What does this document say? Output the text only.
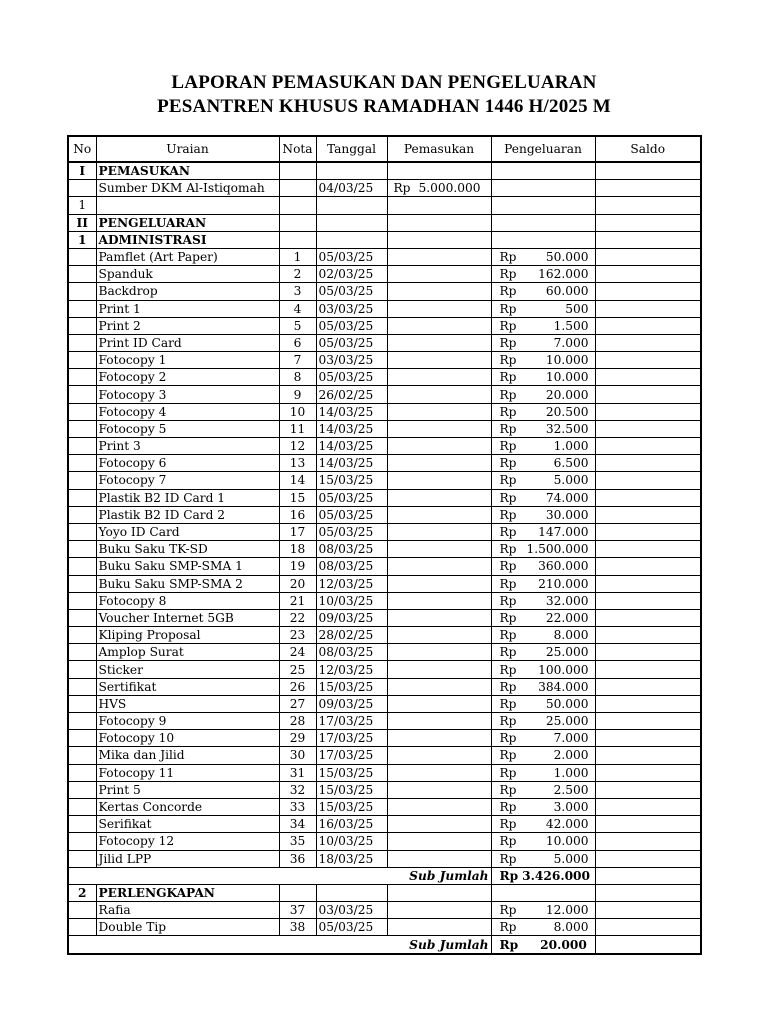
LAPORAN PEMASUKAN DAN PENGELUARAN
PESANTREN KHUSUS RAMADHAN 1446 H/2025 M
No	Uraian	Nota	Tanggal	Pemasukan	Pengeluaran	Saldo
I	PEMASUKAN					
	Sumber DKM Al-Istiqomah		04/03/25	Rp 5.000.000		

1						
II	PENGELUARAN					
1	ADMINISTRASI					
	Pamflet (Art Paper)	1	05/03/25		Rp 50.000	

	Spanduk	2	02/03/25		Rp 162.000	

	Backdrop	3	05/03/25		Rp 60.000	

	Print 1	4	03/03/25		Rp 500	

	Print 2	5	05/03/25		Rp 1.500	

	Print ID Card	6	05/03/25		Rp 7.000	

	Fotocopy 1	7	03/03/25		Rp 10.000	

	Fotocopy 2	8	05/03/25		Rp 10.000	

	Fotocopy 3	9	26/02/25		Rp 20.000	

	Fotocopy 4	10	14/03/25		Rp 20.500	

	Fotocopy 5	11	14/03/25		Rp 32.500	

	Print 3	12	14/03/25		Rp 1.000	

	Fotocopy 6	13	14/03/25		Rp 6.500	

	Fotocopy 7	14	15/03/25		Rp 5.000	

	Plastik B2 ID Card 1	15	05/03/25		Rp 74.000	

	Plastik B2 ID Card 2	16	05/03/25		Rp 30.000	

	Yoyo ID Card	17	05/03/25		Rp 147.000	

	Buku Saku TK-SD	18	08/03/25		Rp 1.500.000	

	Buku Saku SMP-SMA 1	19	08/03/25		Rp 360.000	

	Buku Saku SMP-SMA 2	20	12/03/25		Rp 210.000	

	Fotocopy 8	21	10/03/25		Rp 32.000	

	Voucher Internet 5GB	22	09/03/25		Rp 22.000	

	Kliping Proposal	23	28/02/25		Rp 8.000	

	Amplop Surat	24	08/03/25		Rp 25.000	

	Sticker	25	12/03/25		Rp 100.000	

	Sertifikat	26	15/03/25		Rp 384.000	

	HVS	27	09/03/25		Rp 50.000	

	Fotocopy 9	28	17/03/25		Rp 25.000	

	Fotocopy 10	29	17/03/25		Rp 7.000	

	Mika dan Jilid	30	17/03/25		Rp 2.000	

	Fotocopy 11	31	15/03/25		Rp 1.000	

	Print 5	32	15/03/25		Rp 2.500	

	Kertas Concorde	33	15/03/25		Rp 3.000	

	Serifikat	34	16/03/25		Rp 42.000	

	Fotocopy 12	35	10/03/25		Rp 10.000	

	Jilid LPP	36	18/03/25		Rp 5.000	

Sub Jumlah					Rp 3.426.000	

2	PERLENGKAPAN					
	Rafia	37	03/03/25		Rp 12.000	

	Double Tip	38	05/03/25		Rp 8.000	

Sub Jumlah					Rp 20.000	
